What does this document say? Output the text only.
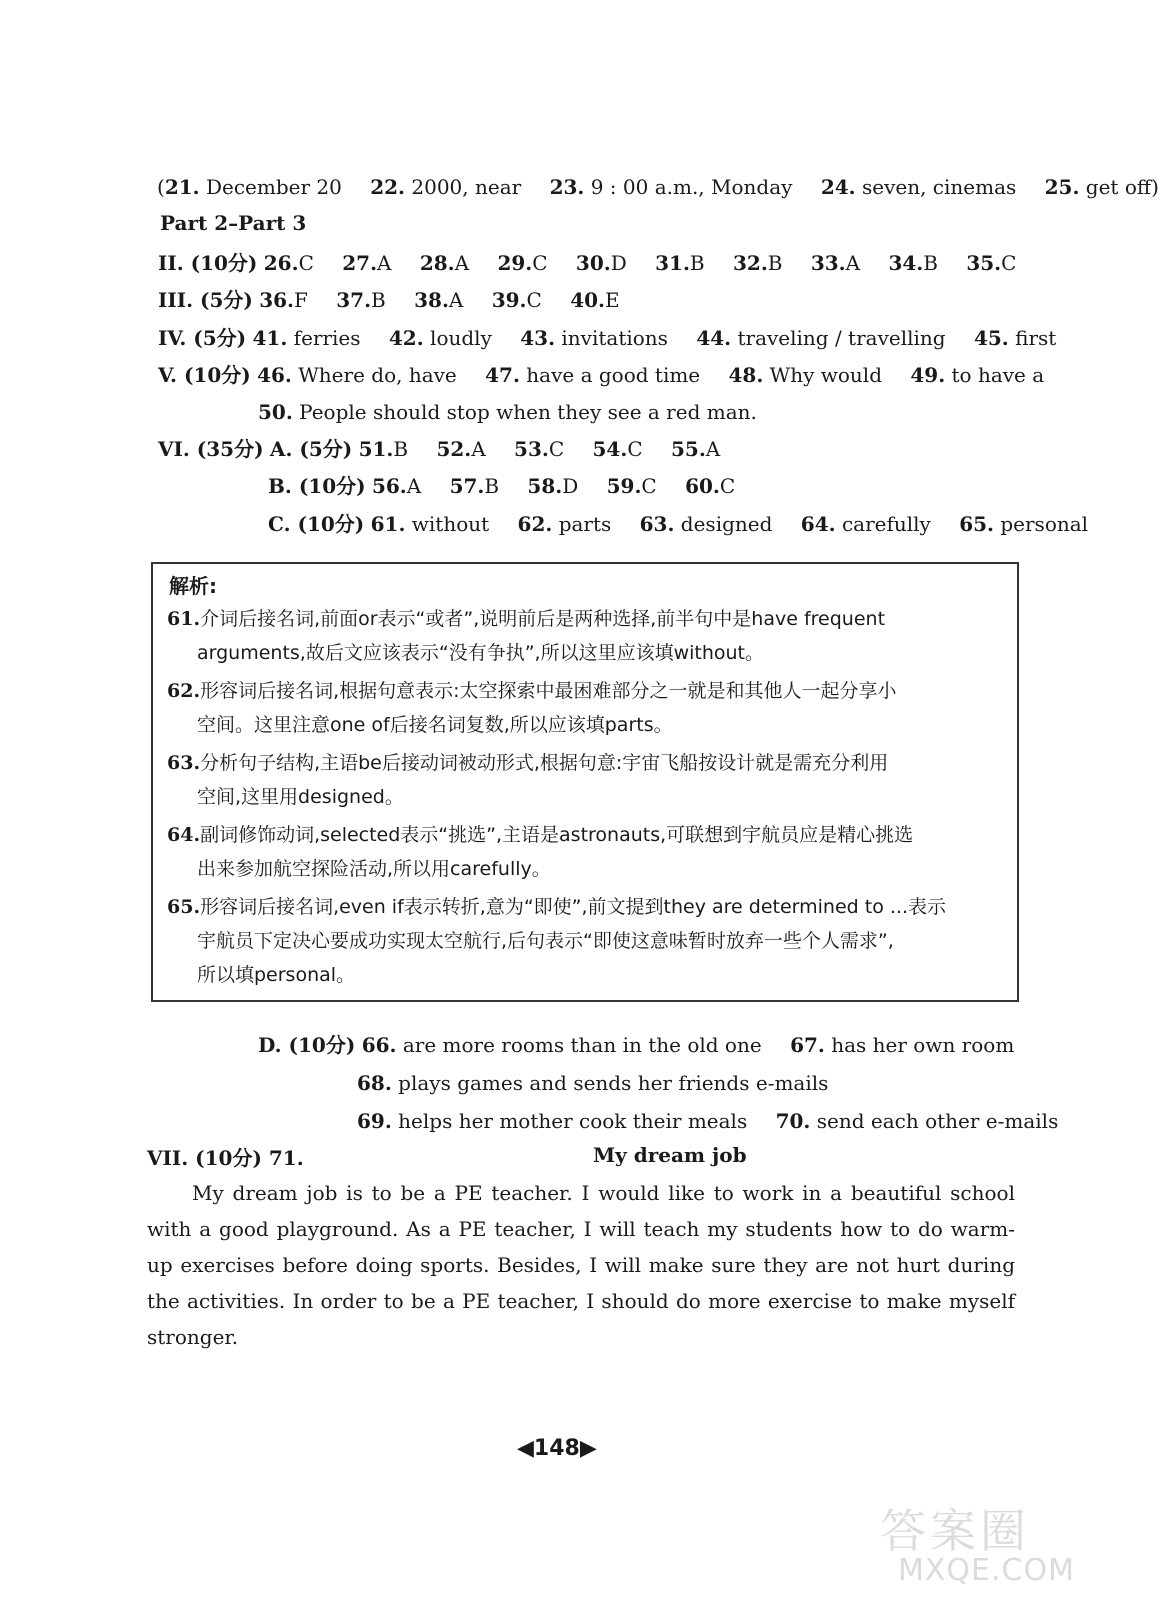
(21. December 20 22. 2000, near 23. 9 : 00 a.m., Monday 24. seven, cinemas 25. get off)
Part 2–Part 3
II. (10分) 26.C 27.A 28.A 29.C 30.D 31.B 32.B 33.A 34.B 35.C
III. (5分) 36.F 37.B 38.A 39.C 40.E
IV. (5分) 41. ferries 42. loudly 43. invitations 44. traveling / travelling 45. first
V. (10分) 46. Where do, have 47. have a good time 48. Why would 49. to have a
50. People should stop when they see a red man.
VI. (35分) A. (5分) 51.B 52.A 53.C 54.C 55.A
B. (10分) 56.A 57.B 58.D 59.C 60.C
C. (10分) 61. without 62. parts 63. designed 64. carefully 65. personal
解析:
61.介词后接名词,前面or表示“或者”,说明前后是两种选择,前半句中是have frequent
arguments,故后文应该表示“没有争执”,所以这里应该填without。
62.形容词后接名词,根据句意表示:太空探索中最困难部分之一就是和其他人一起分享小
空间。这里注意one of后接名词复数,所以应该填parts。
63.分析句子结构,主语be后接动词被动形式,根据句意:宇宙飞船按设计就是需充分利用
空间,这里用designed。
64.副词修饰动词,selected表示“挑选”,主语是astronauts,可联想到宇航员应是精心挑选
出来参加航空探险活动,所以用carefully。
65.形容词后接名词,even if表示转折,意为“即使”,前文提到they are determined to ...表示
宇航员下定决心要成功实现太空航行,后句表示“即使这意味暂时放弃一些个人需求”,
所以填personal。
D. (10分) 66. are more rooms than in the old one 67. has her own room
68. plays games and sends her friends e-mails
69. helps her mother cook their meals 70. send each other e-mails
VII. (10分) 71.	My dream job
My dream job is to be a PE teacher. I would like to work in a beautiful school with a good playground. As a PE teacher, I will teach my students how to do warm-up exercises before doing sports. Besides, I will make sure they are not hurt during the activities. In order to be a PE teacher, I should do more exercise to make myself stronger.
◀148▶
答案圈
MXQE.COM
